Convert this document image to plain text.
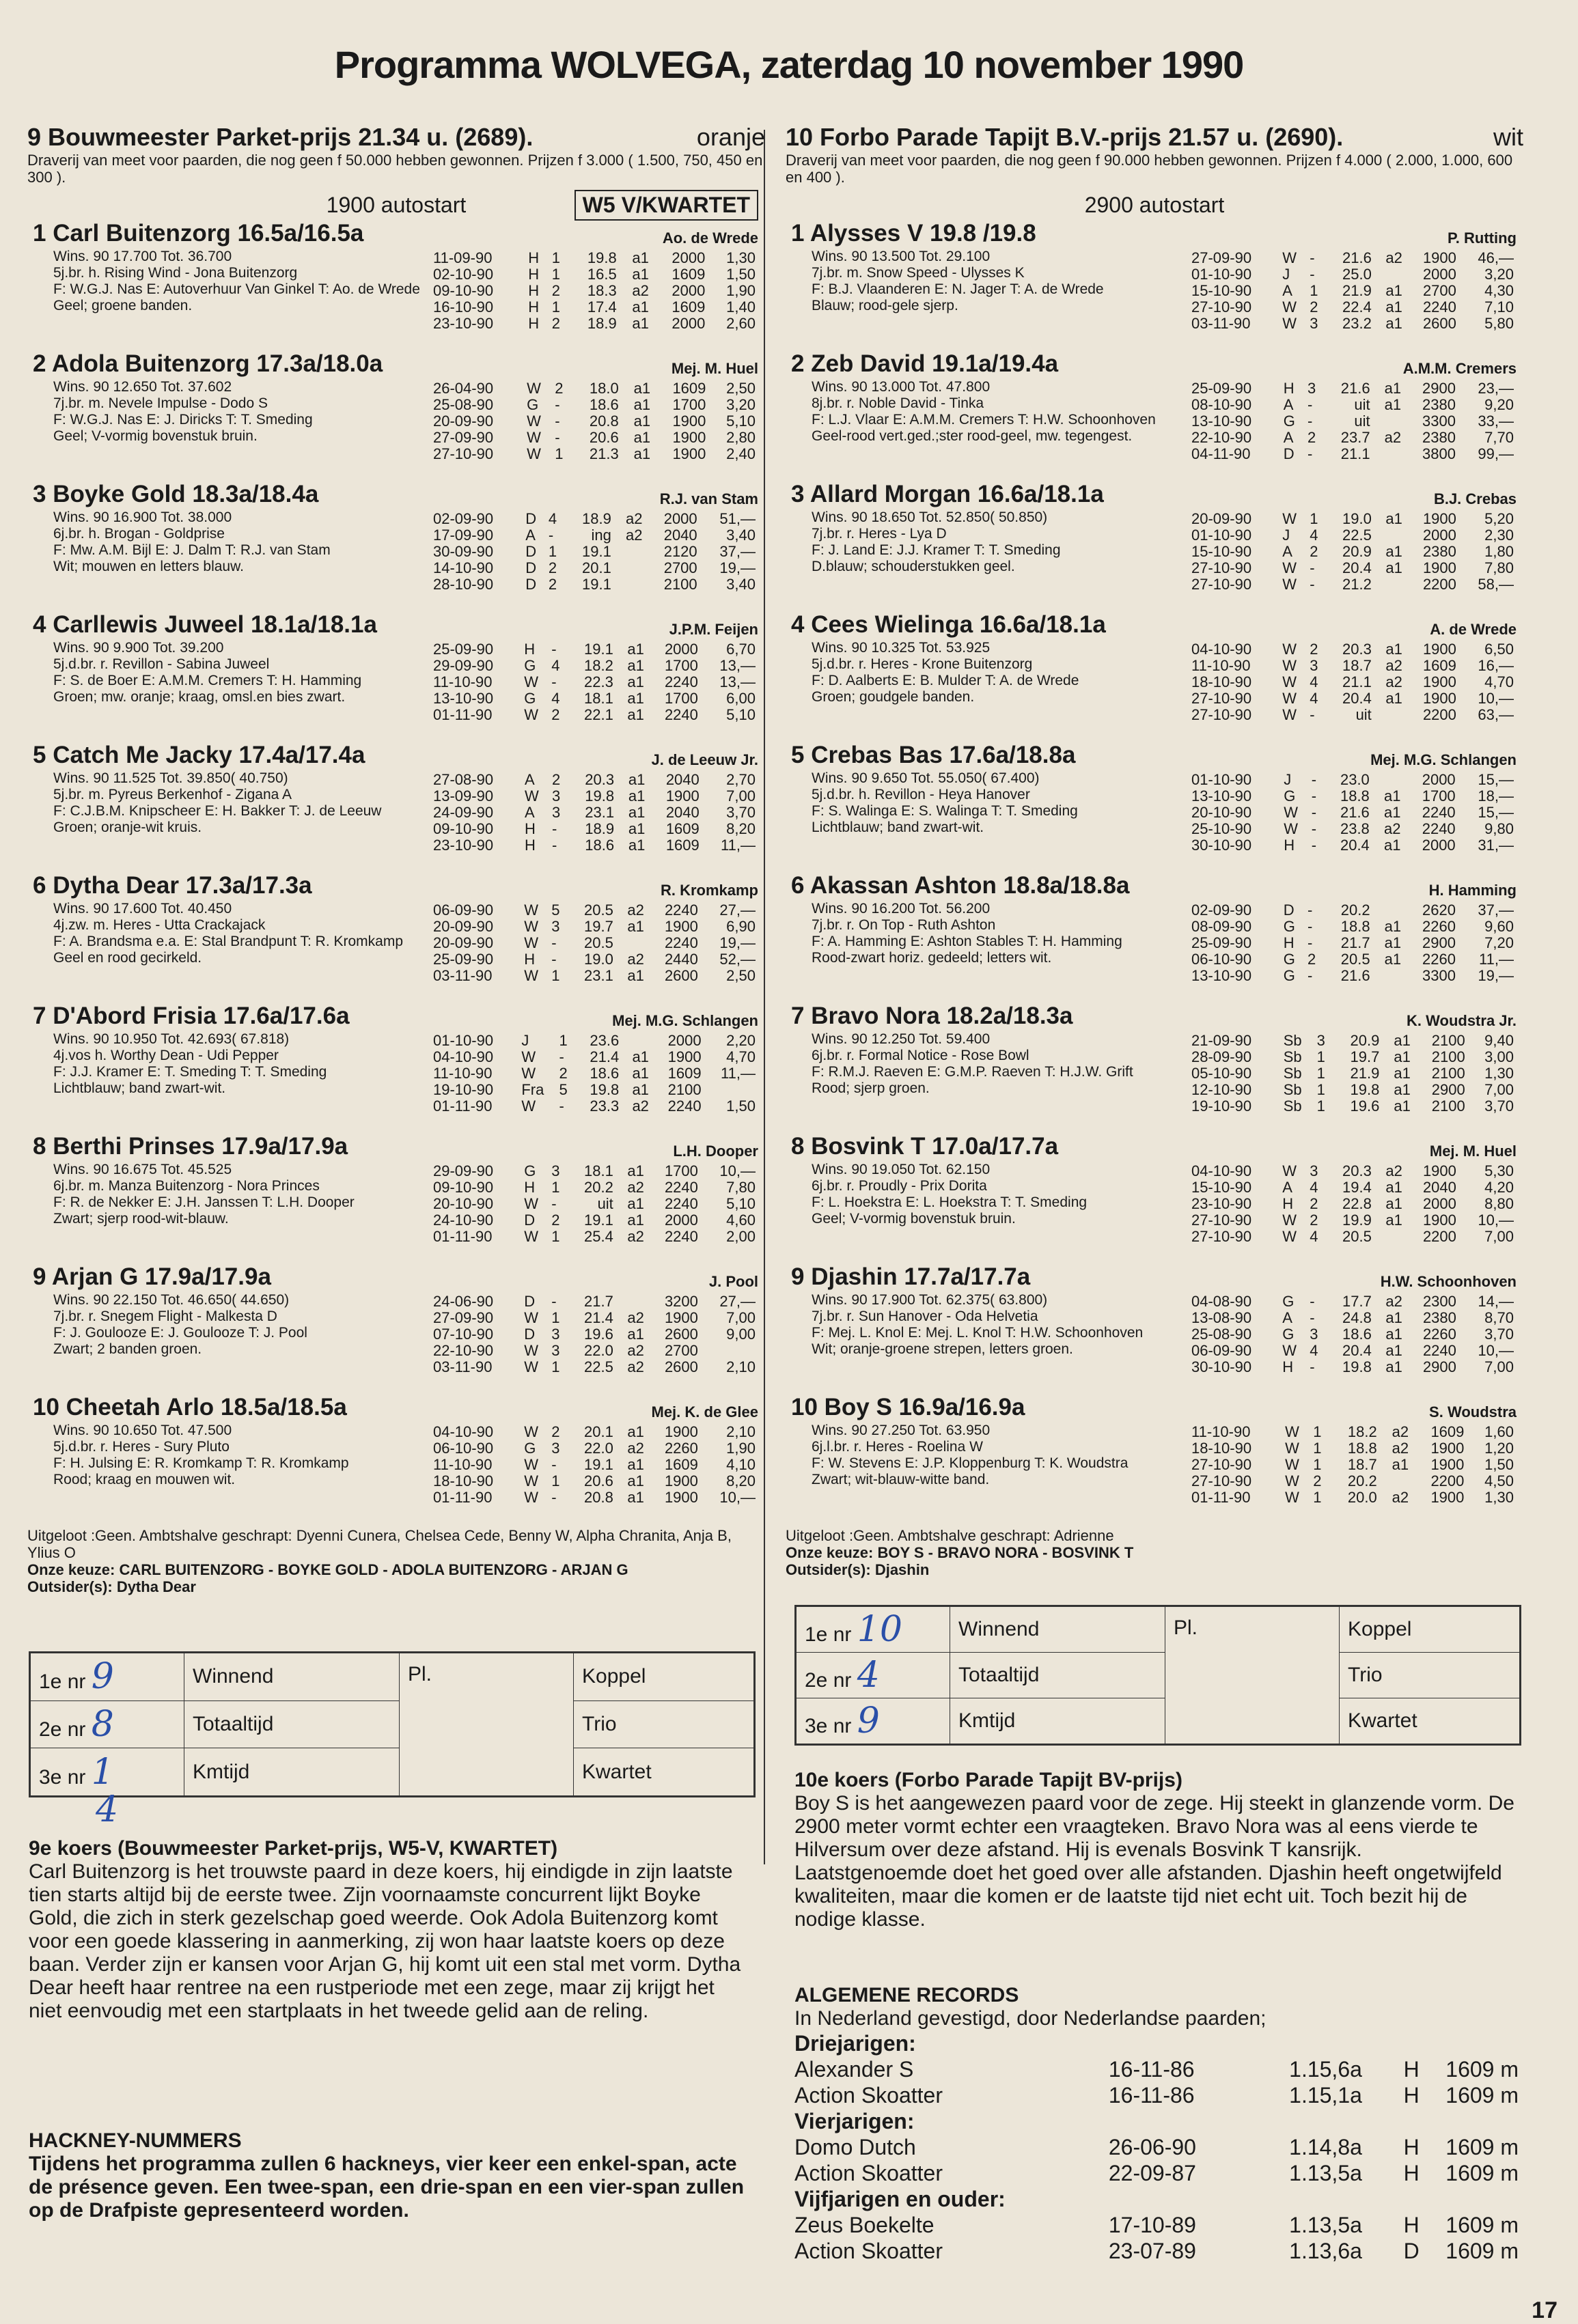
Programma WOLVEGA, zaterdag 10 november 1990
9 Bouwmeester Parket-prijs 21.34 u. (2689).	oranje
Draverij van meet voor paarden, die nog geen f 50.000 hebben gewonnen. Prijzen f 3.000 ( 1.500, 750, 450 en 300 ).
1900 autostart	W5 V/KWARTET
1 Carl Buitenzorg 16.5a/16.5a	Ao. de Wrede
Wins. 90 17.700 Tot. 36.700
5j.br. h. Rising Wind - Jona Buitenzorg
F: W.G.J. Nas E: Autoverhuur Van Ginkel T: Ao. de Wrede
Geel; groene banden.
11-09-90	H	1	19.8	a1	2000	1,30
02-10-90	H	1	16.5	a1	1609	1,50
09-10-90	H	2	18.3	a2	2000	1,90
16-10-90	H	1	17.4	a1	1609	1,40
23-10-90	H	2	18.9	a1	2000	2,60
2 Adola Buitenzorg 17.3a/18.0a	Mej. M. Huel
Wins. 90 12.650 Tot. 37.602
7j.br. m. Nevele Impulse - Dodo S
F: W.G.J. Nas E: J. Diricks T: T. Smeding
Geel; V-vormig bovenstuk bruin.
26-04-90	W	2	18.0	a1	1609	2,50
25-08-90	G	-	18.6	a1	1700	3,20
20-09-90	W	-	20.8	a1	1900	5,10
27-09-90	W	-	20.6	a1	1900	2,80
27-10-90	W	1	21.3	a1	1900	2,40
3 Boyke Gold 18.3a/18.4a	R.J. van Stam
Wins. 90 16.900 Tot. 38.000
6j.br. h. Brogan - Goldprise
F: Mw. A.M. Bijl E: J. Dalm T: R.J. van Stam
Wit; mouwen en letters blauw.
02-09-90	D	4	18.9	a2	2000	51,—
17-09-90	A	-	ing	a2	2040	3,40
30-09-90	D	1	19.1		2120	37,—
14-10-90	D	2	20.1		2700	19,—
28-10-90	D	2	19.1		2100	3,40
4 Carllewis Juweel 18.1a/18.1a	J.P.M. Feijen
Wins. 90 9.900 Tot. 39.200
5j.d.br. r. Revillon - Sabina Juweel
F: S. de Boer E: A.M.M. Cremers T: H. Hamming
Groen; mw. oranje; kraag, omsl.en bies zwart.
25-09-90	H	-	19.1	a1	2000	6,70
29-09-90	G	4	18.2	a1	1700	13,—
11-10-90	W	-	22.3	a1	2240	13,—
13-10-90	G	4	18.1	a1	1700	6,00
01-11-90	W	2	22.1	a1	2240	5,10
5 Catch Me Jacky 17.4a/17.4a	J. de Leeuw Jr.
Wins. 90 11.525 Tot. 39.850( 40.750)
5j.br. m. Pyreus Berkenhof - Zigana A
F: C.J.B.M. Knipscheer E: H. Bakker T: J. de Leeuw
Groen; oranje-wit kruis.
27-08-90	A	2	20.3	a1	2040	2,70
13-09-90	W	3	19.8	a1	1900	7,00
24-09-90	A	3	23.1	a1	2040	3,70
09-10-90	H	-	18.9	a1	1609	8,20
23-10-90	H	-	18.6	a1	1609	11,—
6 Dytha Dear 17.3a/17.3a	R. Kromkamp
Wins. 90 17.600 Tot. 40.450
4j.zw. m. Heres - Utta Crackajack
F: A. Brandsma e.a. E: Stal Brandpunt T: R. Kromkamp
Geel en rood gecirkeld.
06-09-90	W	5	20.5	a2	2240	27,—
20-09-90	W	3	19.7	a1	1900	6,90
20-09-90	W	-	20.5		2240	19,—
25-09-90	H	-	19.0	a2	2440	52,—
03-11-90	W	1	23.1	a1	2600	2,50
7 D'Abord Frisia 17.6a/17.6a	Mej. M.G. Schlangen
Wins. 90 10.950 Tot. 42.693( 67.818)
4j.vos h. Worthy Dean - Udi Pepper
F: J.J. Kramer E: T. Smeding T: T. Smeding
Lichtblauw; band zwart-wit.
01-10-90	J	1	23.6		2000	2,20
04-10-90	W	-	21.4	a1	1900	4,70
11-10-90	W	2	18.6	a1	1609	11,—
19-10-90	Fra	5	19.8	a1	2100	
01-11-90	W	-	23.3	a2	2240	1,50
8 Berthi Prinses 17.9a/17.9a	L.H. Dooper
Wins. 90 16.675 Tot. 45.525
6j.br. m. Manza Buitenzorg - Nora Princes
F: R. de Nekker E: J.H. Janssen T: L.H. Dooper
Zwart; sjerp rood-wit-blauw.
29-09-90	G	3	18.1	a1	1700	10,—
09-10-90	H	1	20.2	a2	2240	7,80
20-10-90	W	-	uit	a1	2240	5,10
24-10-90	D	2	19.1	a1	2000	4,60
01-11-90	W	1	25.4	a2	2240	2,00
9 Arjan G 17.9a/17.9a	J. Pool
Wins. 90 22.150 Tot. 46.650( 44.650)
7j.br. r. Snegem Flight - Malkesta D
F: J. Goulooze E: J. Goulooze T: J. Pool
Zwart; 2 banden groen.
24-06-90	D	-	21.7		3200	27,—
27-09-90	W	1	21.4	a2	1900	7,00
07-10-90	D	3	19.6	a1	2600	9,00
22-10-90	W	3	22.0	a2	2700	
03-11-90	W	1	22.5	a2	2600	2,10
10 Cheetah Arlo 18.5a/18.5a	Mej. K. de Glee
Wins. 90 10.650 Tot. 47.500
5j.d.br. r. Heres - Sury Pluto
F: H. Julsing E: R. Kromkamp T: R. Kromkamp
Rood; kraag en mouwen wit.
04-10-90	W	2	20.1	a1	1900	2,10
06-10-90	G	3	22.0	a2	2260	1,90
11-10-90	W	-	19.1	a1	1609	4,10
18-10-90	W	1	20.6	a1	1900	8,20
01-11-90	W	-	20.8	a1	1900	10,—
Uitgeloot :Geen. Ambtshalve geschrapt: Dyenni Cunera, Chelsea Cede, Benny W, Alpha Chranita, Anja B, Ylius O
Onze keuze: CARL BUITENZORG - BOYKE GOLD - ADOLA BUITENZORG - ARJAN G
Outsider(s): Dytha Dear
10 Forbo Parade Tapijt B.V.-prijs 21.57 u. (2690).	wit
Draverij van meet voor paarden, die nog geen f 90.000 hebben gewonnen. Prijzen f 4.000 ( 2.000, 1.000, 600 en 400 ).
2900 autostart
1 Alysses V 19.8 /19.8	P. Rutting
Wins. 90 13.500 Tot. 29.100
7j.br. m. Snow Speed - Ulysses K
F: B.J. Vlaanderen E: N. Jager T: A. de Wrede
Blauw; rood-gele sjerp.
27-09-90	W	-	21.6	a2	1900	46,—
01-10-90	J	-	25.0		2000	3,20
15-10-90	A	1	21.9	a1	2700	4,30
27-10-90	W	2	22.4	a1	2240	7,10
03-11-90	W	3	23.2	a1	2600	5,80
2 Zeb David 19.1a/19.4a	A.M.M. Cremers
Wins. 90 13.000 Tot. 47.800
8j.br. r. Noble David - Tinka
F: L.J. Vlaar E: A.M.M. Cremers T: H.W. Schoonhoven
Geel-rood vert.ged.;ster rood-geel, mw. tegengest.
25-09-90	H	3	21.6	a1	2900	23,—
08-10-90	A	-	uit	a1	2380	9,20
13-10-90	G	-	uit		3300	33,—
22-10-90	A	2	23.7	a2	2380	7,70
04-11-90	D	-	21.1		3800	99,—
3 Allard Morgan 16.6a/18.1a	B.J. Crebas
Wins. 90 18.650 Tot. 52.850( 50.850)
7j.br. r. Heres - Lya D
F: J. Land E: J.J. Kramer T: T. Smeding
D.blauw; schouderstukken geel.
20-09-90	W	1	19.0	a1	1900	5,20
01-10-90	J	4	22.5		2000	2,30
15-10-90	A	2	20.9	a1	2380	1,80
27-10-90	W	-	20.4	a1	1900	7,80
27-10-90	W	-	21.2		2200	58,—
4 Cees Wielinga 16.6a/18.1a	A. de Wrede
Wins. 90 10.325 Tot. 53.925
5j.d.br. r. Heres - Krone Buitenzorg
F: D. Aalberts E: B. Mulder T: A. de Wrede
Groen; goudgele banden.
04-10-90	W	2	20.3	a1	1900	6,50
11-10-90	W	3	18.7	a2	1609	16,—
18-10-90	W	4	21.1	a2	1900	4,70
27-10-90	W	4	20.4	a1	1900	10,—
27-10-90	W	-	uit		2200	63,—
5 Crebas Bas 17.6a/18.8a	Mej. M.G. Schlangen
Wins. 90 9.650 Tot. 55.050( 67.400)
5j.d.br. h. Revillon - Heya Hanover
F: S. Walinga E: S. Walinga T: T. Smeding
Lichtblauw; band zwart-wit.
01-10-90	J	-	23.0		2000	15,—
13-10-90	G	-	18.8	a1	1700	18,—
20-10-90	W	-	21.6	a1	2240	15,—
25-10-90	W	-	23.8	a2	2240	9,80
30-10-90	H	-	20.4	a1	2000	31,—
6 Akassan Ashton 18.8a/18.8a	H. Hamming
Wins. 90 16.200 Tot. 56.200
7j.br. r. On Top - Ruth Ashton
F: A. Hamming E: Ashton Stables T: H. Hamming
Rood-zwart horiz. gedeeld; letters wit.
02-09-90	D	-	20.2		2620	37,—
08-09-90	G	-	18.8	a1	2260	9,60
25-09-90	H	-	21.7	a1	2900	7,20
06-10-90	G	2	20.5	a1	2260	11,—
13-10-90	G	-	21.6		3300	19,—
7 Bravo Nora 18.2a/18.3a	K. Woudstra Jr.
Wins. 90 12.250 Tot. 59.400
6j.br. r. Formal Notice - Rose Bowl
F: R.M.J. Raeven E: G.M.P. Raeven T: H.J.W. Grift
Rood; sjerp groen.
21-09-90	Sb	3	20.9	a1	2100	9,40
28-09-90	Sb	1	19.7	a1	2100	3,00
05-10-90	Sb	1	21.9	a1	2100	1,30
12-10-90	Sb	1	19.8	a1	2900	7,00
19-10-90	Sb	1	19.6	a1	2100	3,70
8 Bosvink T 17.0a/17.7a	Mej. M. Huel
Wins. 90 19.050 Tot. 62.150
6j.br. r. Proudly - Prix Dorita
F: L. Hoekstra E: L. Hoekstra T: T. Smeding
Geel; V-vormig bovenstuk bruin.
04-10-90	W	3	20.3	a2	1900	5,30
15-10-90	A	4	19.4	a1	2040	4,20
23-10-90	H	2	22.8	a1	2000	8,80
27-10-90	W	2	19.9	a1	1900	10,—
27-10-90	W	4	20.5		2200	7,00
9 Djashin 17.7a/17.7a	H.W. Schoonhoven
Wins. 90 17.900 Tot. 62.375( 63.800)
7j.br. r. Sun Hanover - Oda Helvetia
F: Mej. L. Knol E: Mej. L. Knol T: H.W. Schoonhoven
Wit; oranje-groene strepen, letters groen.
04-08-90	G	-	17.7	a2	2300	14,—
13-08-90	A	-	24.8	a1	2380	8,70
25-08-90	G	3	18.6	a1	2260	3,70
06-09-90	W	4	20.4	a1	2240	10,—
30-10-90	H	-	19.8	a1	2900	7,00
10 Boy S 16.9a/16.9a	S. Woudstra
Wins. 90 27.250 Tot. 63.950
6j.l.br. r. Heres - Roelina W
F: W. Stevens E: J.P. Kloppenburg T: K. Woudstra
Zwart; wit-blauw-witte band.
11-10-90	W	1	18.2	a2	1609	1,60
18-10-90	W	1	18.8	a2	1900	1,20
27-10-90	W	1	18.7	a1	1900	1,50
27-10-90	W	2	20.2		2200	4,50
01-11-90	W	1	20.0	a2	1900	1,30
Uitgeloot :Geen. Ambtshalve geschrapt: Adrienne
Onze keuze: BOY S - BRAVO NORA - BOSVINK T
Outsider(s): Djashin
1e nr 9	Winnend	Pl.	Koppel
2e nr 8	Totaaltijd		Trio
3e nr 1	Kmtijd		Kwartet
4
1e nr 10	Winnend	Pl.	Koppel
2e nr 4	Totaaltijd		Trio
3e nr 9	Kmtijd		Kwartet
9e koers (Bouwmeester Parket-prijs, W5-V, KWARTET)

Carl Buitenzorg is het trouwste paard in deze koers, hij eindigde in zijn laatste tien starts altijd bij de eerste twee. Zijn voornaamste concurrent lijkt Boyke Gold, die zich in sterk gezelschap goed weerde. Ook Adola Buitenzorg komt voor een goede klassering in aanmerking, zij won haar laatste koers op deze baan. Verder zijn er kansen voor Arjan G, hij komt uit een stal met vorm. Dytha Dear heeft haar rentree na een rustperiode met een zege, maar zij krijgt het niet eenvoudig met een startplaats in het tweede gelid aan de reling.

HACKNEY-NUMMERS

Tijdens het programma zullen 6 hackneys, vier keer een enkel-span, acte de présence geven. Een twee-span, een drie-span en een vier-span zullen op de Drafpiste gepresenteerd worden.

10e koers (Forbo Parade Tapijt BV-prijs)

Boy S is het aangewezen paard voor de zege. Hij steekt in glanzende vorm. De 2900 meter vormt echter een vraagteken. Bravo Nora was al eens vierde te Hilversum over deze afstand. Hij is evenals Bosvink T kansrijk. Laatstgenoemde doet het goed over alle afstanden. Djashin heeft ongetwijfeld kwaliteiten, maar die komen er de laatste tijd niet echt uit. Toch bezit hij de nodige klasse.

ALGEMENE RECORDS

In Nederland gevestigd, door Nederlandse paarden;

Driejarigen:				
Alexander S	16-11-86	1.15,6a	H	1609 m
Action Skoatter	16-11-86	1.15,1a	H	1609 m
Vierjarigen:				
Domo Dutch	26-06-90	1.14,8a	H	1609 m
Action Skoatter	22-09-87	1.13,5a	H	1609 m
Vijfjarigen en ouder:				
Zeus Boekelte	17-10-89	1.13,5a	H	1609 m
Action Skoatter	23-07-89	1.13,6a	D	1609 m
17
